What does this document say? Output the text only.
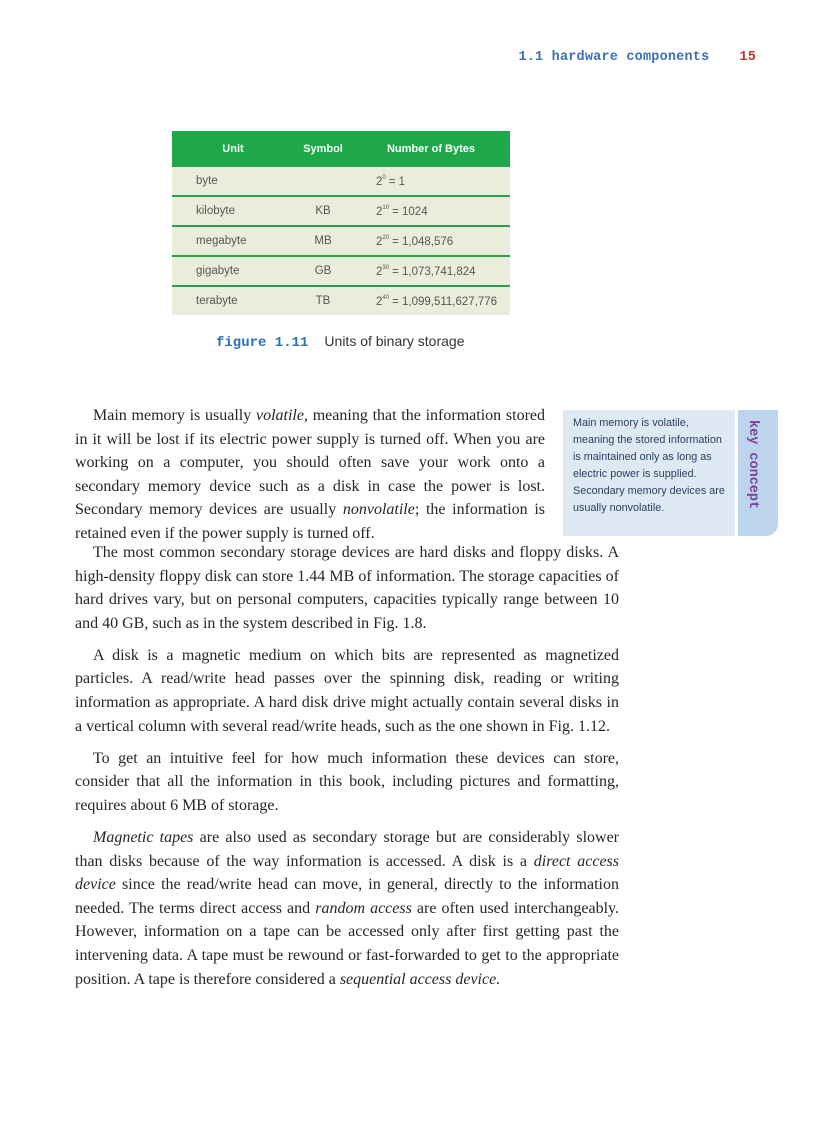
1.1 hardware components 15
Unit	Symbol	Number of Bytes
byte		$2^0 = 1$
kilobyte	KB	$2^{10} = 1024$
megabyte	MB	$2^{20} = 1,048,576$
gigabyte	GB	$2^{30} = 1,073,741,824$
terabyte	TB	$2^{40} = 1,099,511,627,776$
figure 1.11 Units of binary storage

Main memory is usually volatile, meaning that the information stored in it will be lost if its electric power supply is turned off. When you are working on a computer, you should often save your work onto a secondary memory device such as a disk in case the power is lost. Secondary memory devices are usually nonvolatile; the information is retained even if the power supply is turned off.

Main memory is volatile, meaning the stored information is maintained only as long as electric power is supplied. Secondary memory devices are usually nonvolatile.	key concept

The most common secondary storage devices are hard disks and floppy disks. A high-density floppy disk can store 1.44 MB of information. The storage capacities of hard drives vary, but on personal computers, capacities typically range between 10 and 40 GB, such as in the system described in Fig. 1.8.

A disk is a magnetic medium on which bits are represented as magnetized particles. A read/write head passes over the spinning disk, reading or writing information as appropriate. A hard disk drive might actually contain several disks in a vertical column with several read/write heads, such as the one shown in Fig. 1.12.

To get an intuitive feel for how much information these devices can store, consider that all the information in this book, including pictures and formatting, requires about 6 MB of storage.

Magnetic tapes are also used as secondary storage but are considerably slower than disks because of the way information is accessed. A disk is a direct access device since the read/write head can move, in general, directly to the information needed. The terms direct access and random access are often used interchangeably. However, information on a tape can be accessed only after first getting past the intervening data. A tape must be rewound or fast-forwarded to get to the appropriate position. A tape is therefore considered a sequential access device.
